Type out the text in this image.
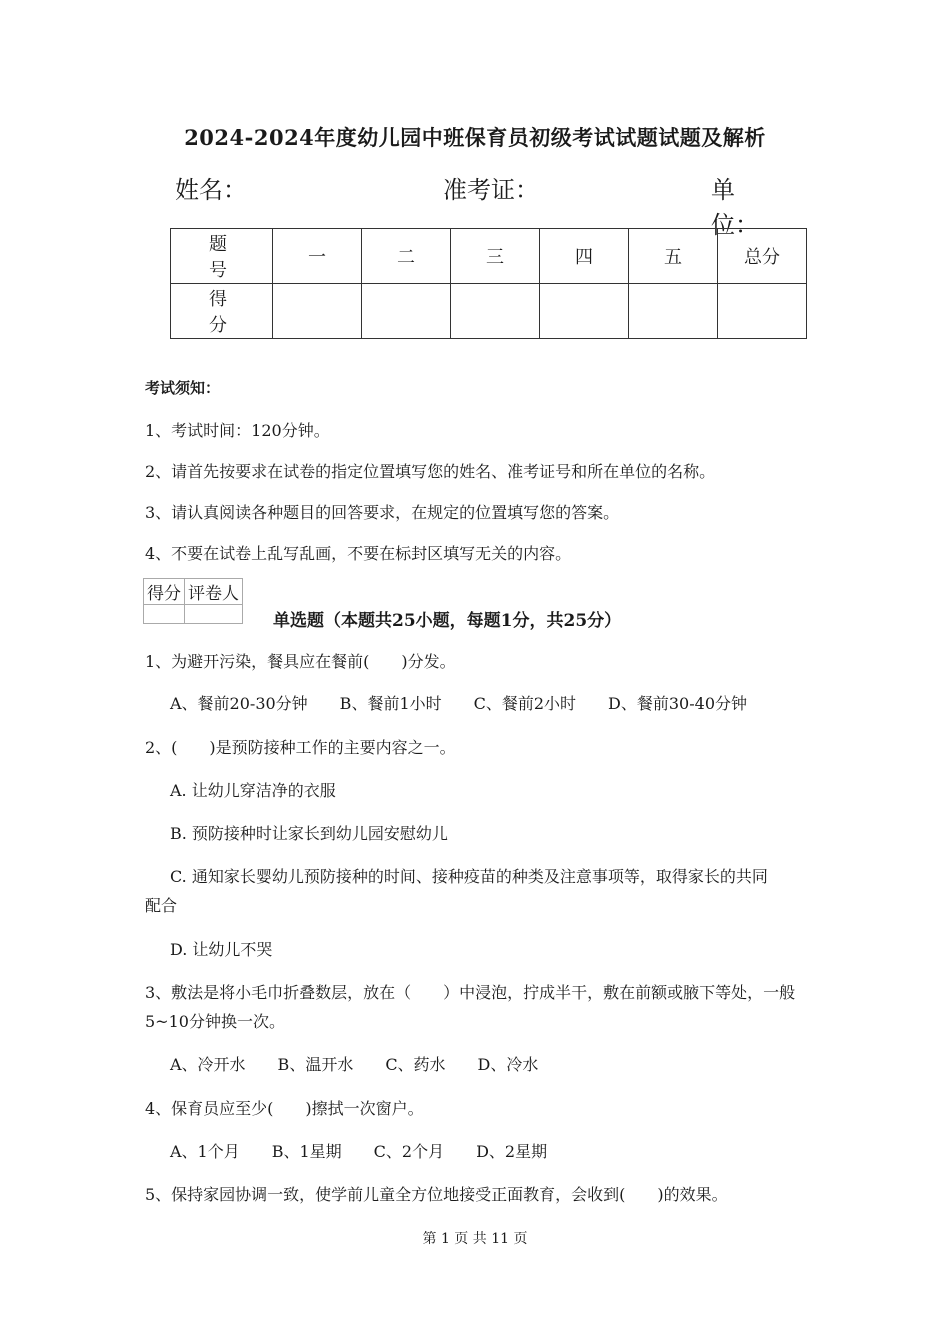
2024-2024年度幼儿园中班保育员初级考试试题试题及解析
姓名：	准考证：	单位：
题 号	一	二	三	四	五	总分
得 分						
考试须知：
1、考试时间：120分钟。
2、请首先按要求在试卷的指定位置填写您的姓名、准考证号和所在单位的名称。
3、请认真阅读各种题目的回答要求，在规定的位置填写您的答案。
4、不要在试卷上乱写乱画，不要在标封区填写无关的内容。
得分	评卷人

单选题（本题共25小题，每题1分，共25分）
1、为避开污染，餐具应在餐前(　　)分发。
A、餐前20-30分钟　　B、餐前1小时　　C、餐前2小时　　D、餐前30-40分钟
2、(　　)是预防接种工作的主要内容之一。
A. 让幼儿穿洁净的衣服
B. 预防接种时让家长到幼儿园安慰幼儿
C. 通知家长婴幼儿预防接种的时间、接种疫苗的种类及注意事项等，取得家长的共同
配合
D. 让幼儿不哭
3、敷法是将小毛巾折叠数层，放在（　　）中浸泡，拧成半干，敷在前额或腋下等处，一般
5~10分钟换一次。
A、冷开水　　B、温开水　　C、药水　　D、冷水
4、保育员应至少(　　)擦拭一次窗户。
A、1个月　　B、1星期　　C、2个月　　D、2星期
5、保持家园协调一致，使学前儿童全方位地接受正面教育，会收到(　　)的效果。
第 1 页 共 11 页
